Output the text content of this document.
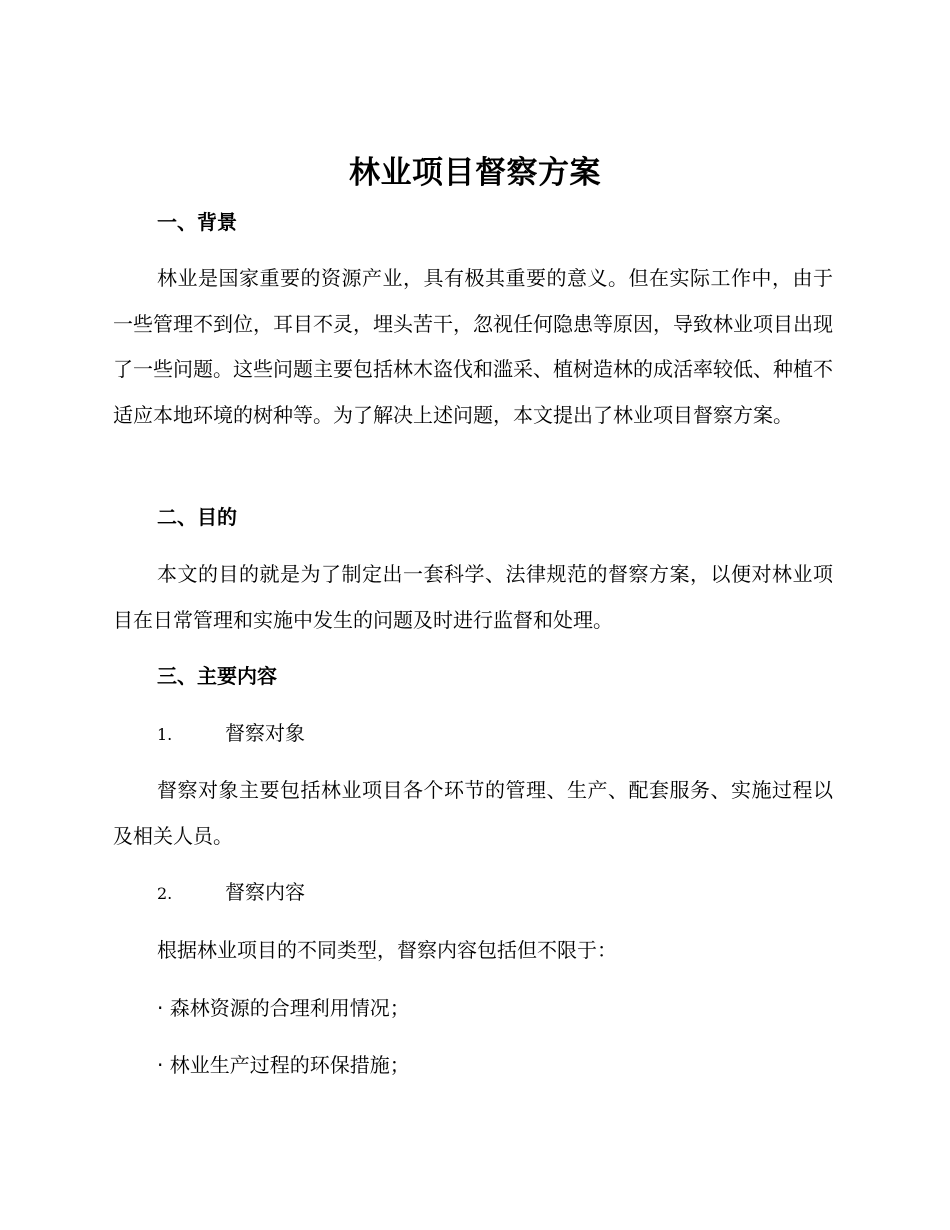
林业项目督察方案
一、背景

林业是国家重要的资源产业，具有极其重要的意义。但在实际工作中，由于一些管理不到位，耳目不灵，埋头苦干，忽视任何隐患等原因，导致林业项目出现了一些问题。这些问题主要包括林木盗伐和滥采、植树造林的成活率较低、种植不适应本地环境的树种等。为了解决上述问题，本文提出了林业项目督察方案。

二、目的

本文的目的就是为了制定出一套科学、法律规范的督察方案，以便对林业项目在日常管理和实施中发生的问题及时进行监督和处理。

三、主要内容
1.	督察对象

督察对象主要包括林业项目各个环节的管理、生产、配套服务、实施过程以及相关人员。

2.	督察内容
根据林业项目的不同类型，督察内容包括但不限于：
· 森林资源的合理利用情况；
· 林业生产过程的环保措施；
